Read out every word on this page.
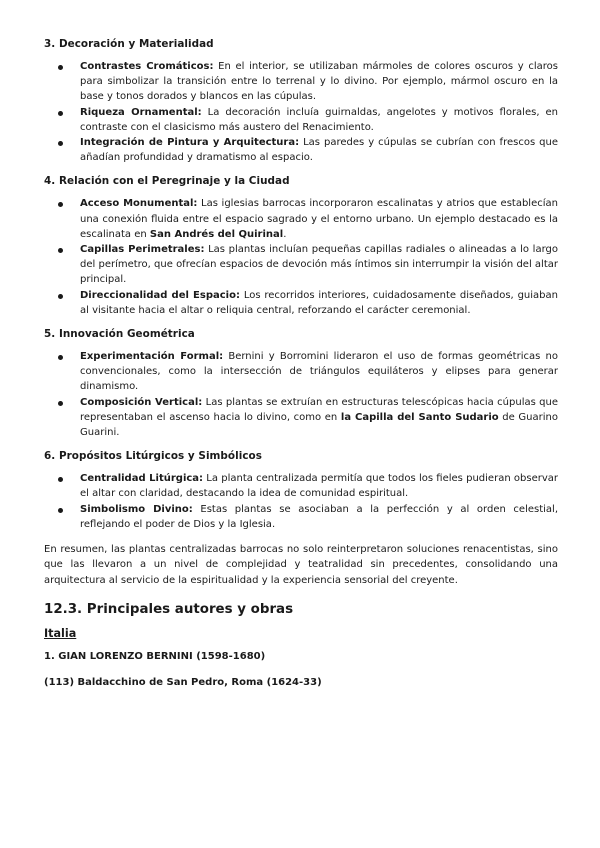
3. Decoración y Materialidad
Contrastes Cromáticos: En el interior, se utilizaban mármoles de colores oscuros y claros para simbolizar la transición entre lo terrenal y lo divino. Por ejemplo, mármol oscuro en la base y tonos dorados y blancos en las cúpulas.
Riqueza Ornamental: La decoración incluía guirnaldas, angelotes y motivos florales, en contraste con el clasicismo más austero del Renacimiento.
Integración de Pintura y Arquitectura: Las paredes y cúpulas se cubrían con frescos que añadían profundidad y dramatismo al espacio.
4. Relación con el Peregrinaje y la Ciudad
Acceso Monumental: Las iglesias barrocas incorporaron escalinatas y atrios que establecían una conexión fluida entre el espacio sagrado y el entorno urbano. Un ejemplo destacado es la escalinata en San Andrés del Quirinal.
Capillas Perimetrales: Las plantas incluían pequeñas capillas radiales o alineadas a lo largo del perímetro, que ofrecían espacios de devoción más íntimos sin interrumpir la visión del altar principal.
Direccionalidad del Espacio: Los recorridos interiores, cuidadosamente diseñados, guiaban al visitante hacia el altar o reliquia central, reforzando el carácter ceremonial.
5. Innovación Geométrica
Experimentación Formal: Bernini y Borromini lideraron el uso de formas geométricas no convencionales, como la intersección de triángulos equiláteros y elipses para generar dinamismo.
Composición Vertical: Las plantas se extruían en estructuras telescópicas hacia cúpulas que representaban el ascenso hacia lo divino, como en la Capilla del Santo Sudario de Guarino Guarini.
6. Propósitos Litúrgicos y Simbólicos
Centralidad Litúrgica: La planta centralizada permitía que todos los fieles pudieran observar el altar con claridad, destacando la idea de comunidad espiritual.
Simbolismo Divino: Estas plantas se asociaban a la perfección y al orden celestial, reflejando el poder de Dios y la Iglesia.

En resumen, las plantas centralizadas barrocas no solo reinterpretaron soluciones renacentistas, sino que las llevaron a un nivel de complejidad y teatralidad sin precedentes, consolidando una arquitectura al servicio de la espiritualidad y la experiencia sensorial del creyente.

12.3. Principales autores y obras
Italia
1. GIAN LORENZO BERNINI (1598-1680)
(113) Baldacchino de San Pedro, Roma (1624-33)
